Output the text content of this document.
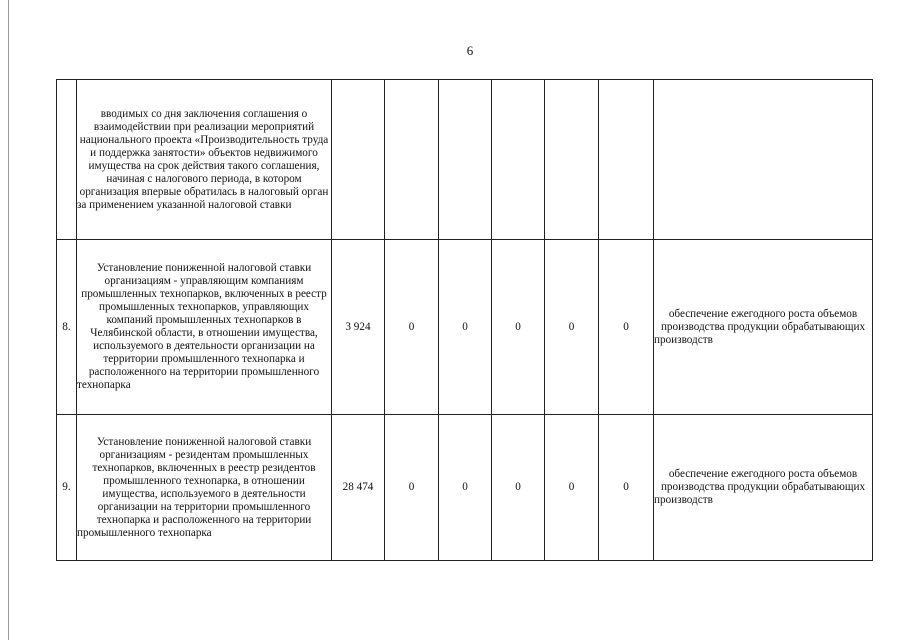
6
	вводимых со дня заключения соглашения о взаимодействии при реализации мероприятий национального проекта «Производительность труда и поддержка занятости» объектов недвижимого имущества на срок действия такого соглашения, начиная с налогового периода, в котором организация впервые обратилась в налоговый орган за применением указанной налоговой ставки							
8.	Установление пониженной налоговой ставки организациям - управляющим компаниям промышленных технопарков, включенных в реестр промышленных технопарков, управляющих компаний промышленных технопарков в Челябинской области, в отношении имущества, используемого в деятельности организации на территории промышленного технопарка и расположенного на территории промышленного технопарка	3 924	0	0	0	0	0	обеспечение ежегодного роста объемов производства продукции обрабатывающих производств
9.	Установление пониженной налоговой ставки организациям - резидентам промышленных технопарков, включенных в реестр резидентов промышленного технопарка, в отношении имущества, используемого в деятельности организации на территории промышленного технопарка и расположенного на территории промышленного технопарка	28 474	0	0	0	0	0	обеспечение ежегодного роста объемов производства продукции обрабатывающих производств
